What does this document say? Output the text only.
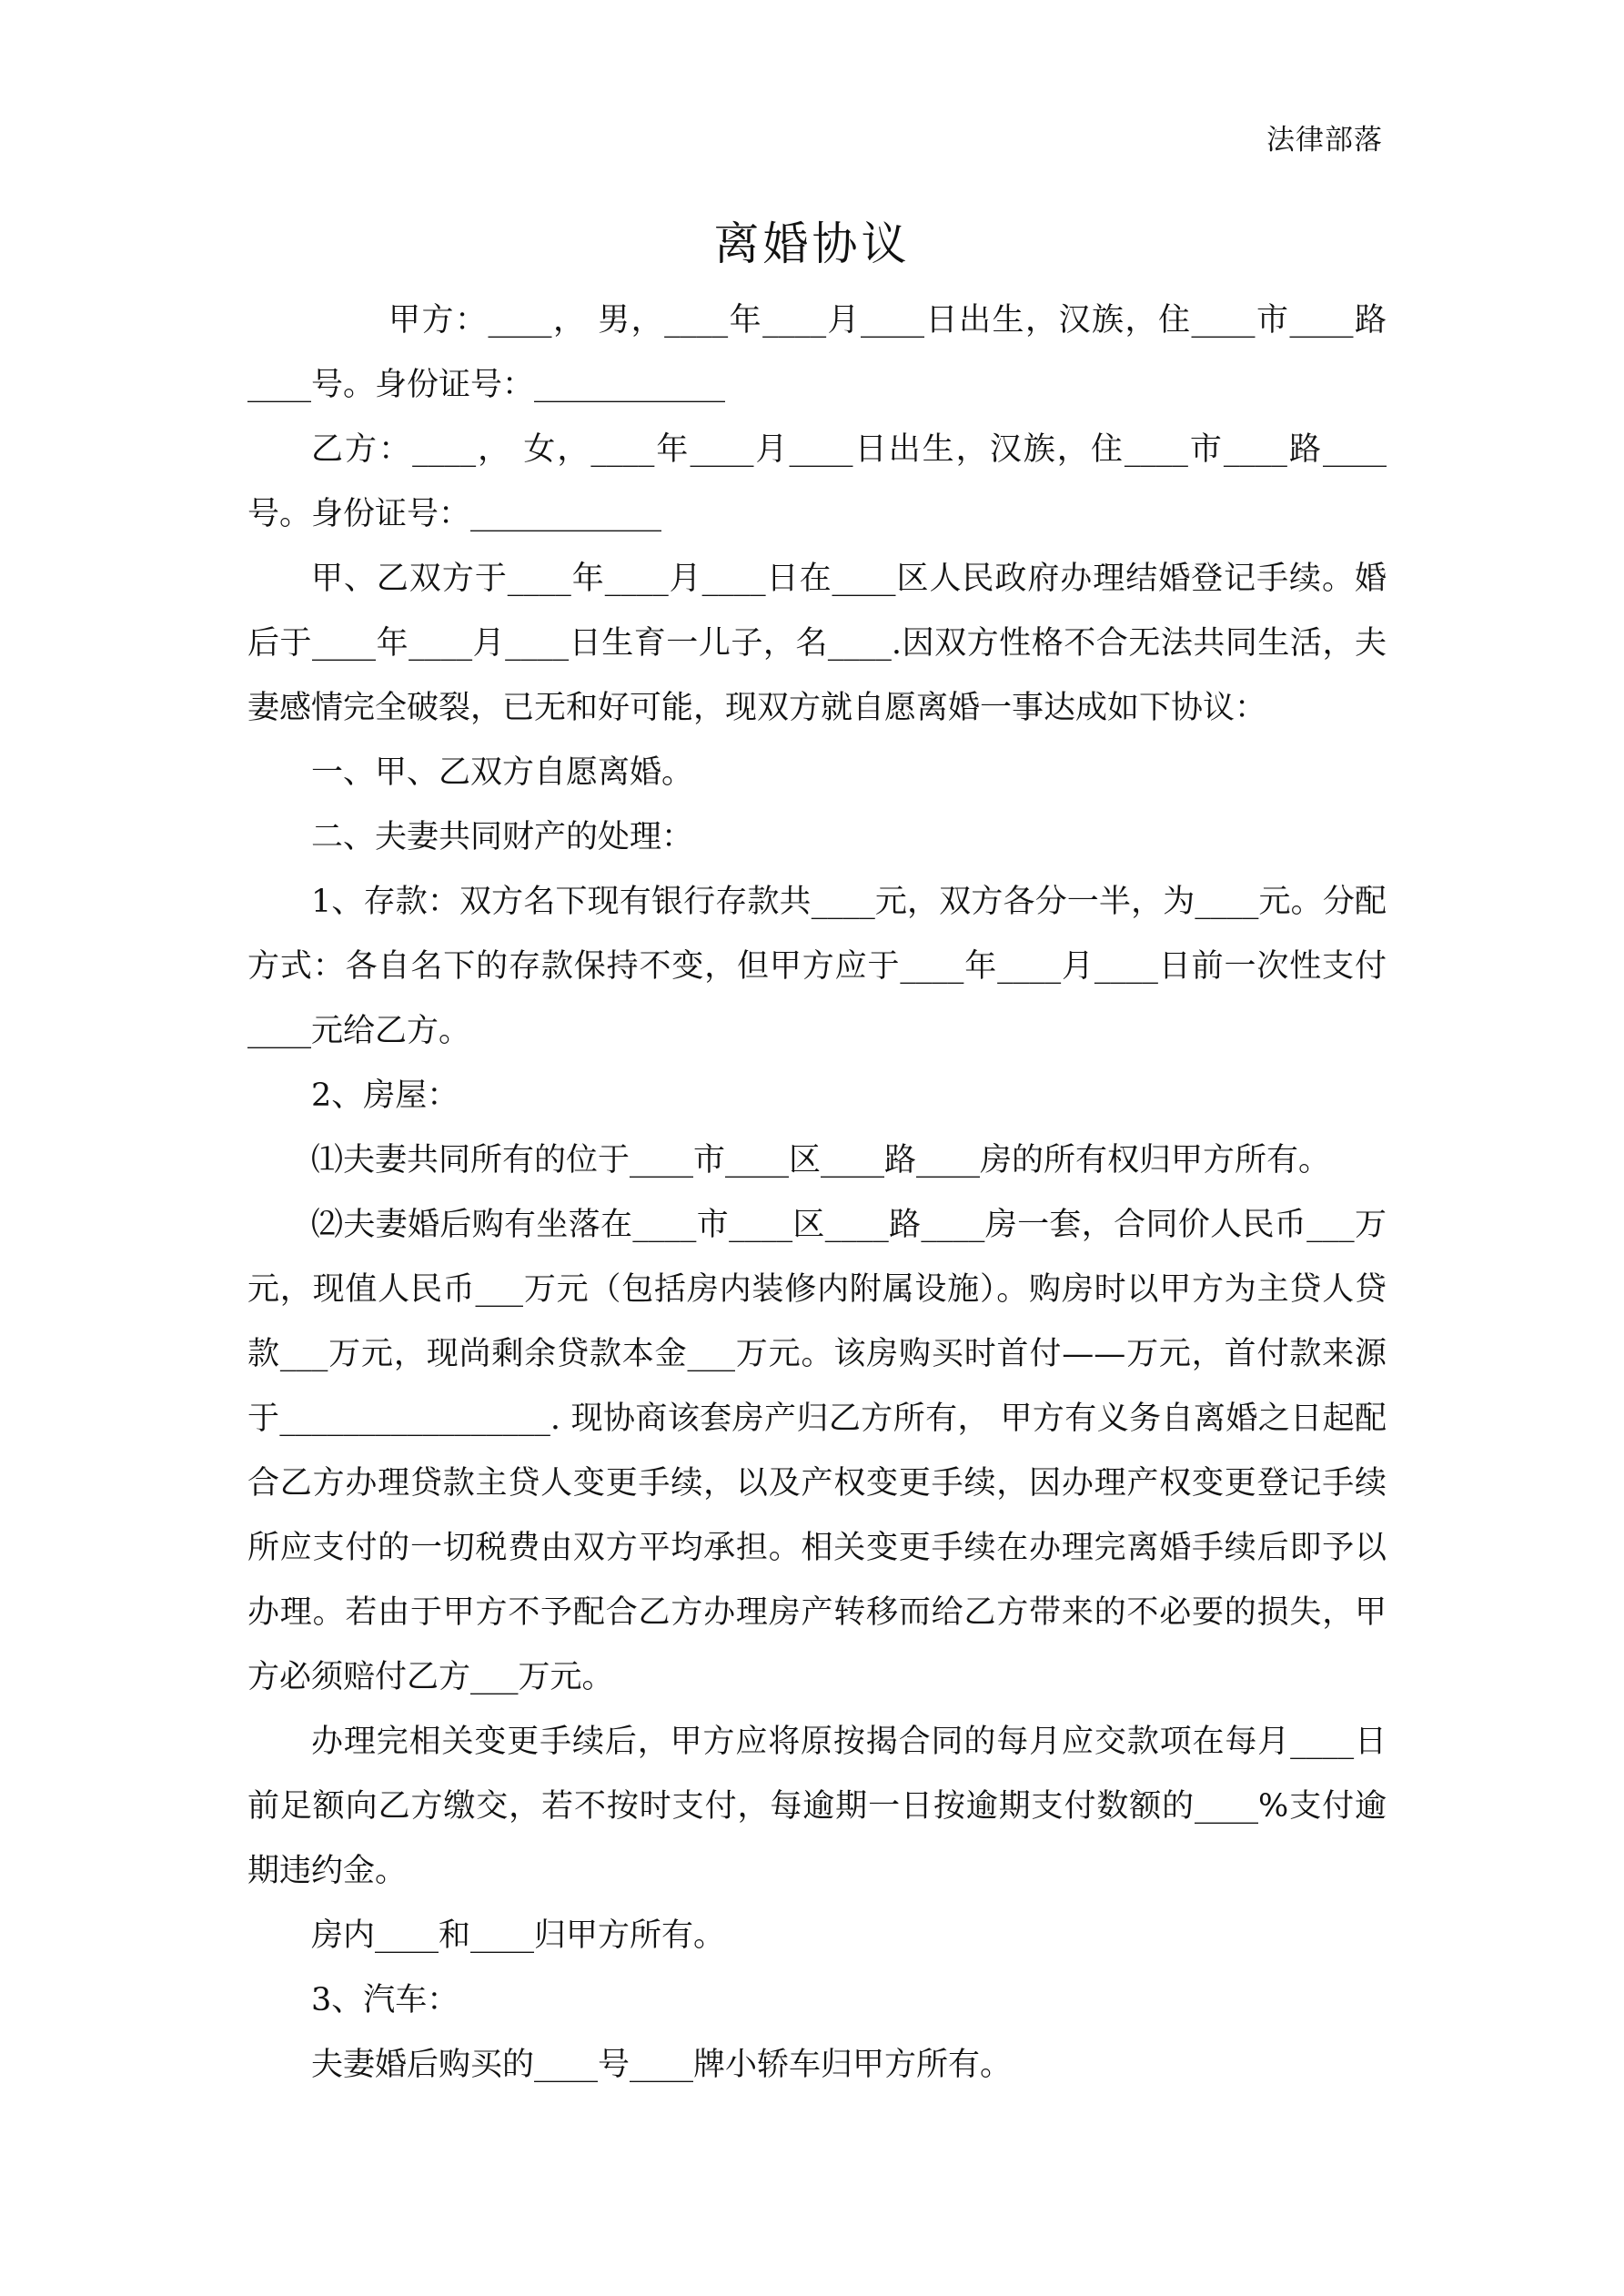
法律部落
离婚协议

甲方：____， 男，____年____月____日出生，汉族，住____市____路____号。身份证号：____________

乙方：____， 女，____年____月____日出生，汉族，住____市____路____号。身份证号：____________

甲、乙双方于____年____月____日在____区人民政府办理结婚登记手续。婚后于____年____月____日生育一儿子，名____.因双方性格不合无法共同生活，夫妻感情完全破裂，已无和好可能，现双方就自愿离婚一事达成如下协议：

一、甲、乙双方自愿离婚。

二、夫妻共同财产的处理：

1、存款：双方名下现有银行存款共____元，双方各分一半，为____元。分配方式：各自名下的存款保持不变，但甲方应于____年____月____日前一次性支付____元给乙方。

2、房屋：

⑴夫妻共同所有的位于____市____区____路____房的所有权归甲方所有。

⑵夫妻婚后购有坐落在____市____区____路____房一套，合同价人民币___万元，现值人民币___万元（包括房内装修内附属设施）。购房时以甲方为主贷人贷款___万元，现尚剩余贷款本金___万元。该房购买时首付——万元，首付款来源于_________________. 现协商该套房产归乙方所有， 甲方有义务自离婚之日起配合乙方办理贷款主贷人变更手续，以及产权变更手续，因办理产权变更登记手续所应支付的一切税费由双方平均承担。相关变更手续在办理完离婚手续后即予以办理。若由于甲方不予配合乙方办理房产转移而给乙方带来的不必要的损失，甲方必须赔付乙方___万元。

办理完相关变更手续后，甲方应将原按揭合同的每月应交款项在每月____日前足额向乙方缴交，若不按时支付，每逾期一日按逾期支付数额的____%支付逾期违约金。

房内____和____归甲方所有。

3、汽车：

夫妻婚后购买的____号____牌小轿车归甲方所有。
